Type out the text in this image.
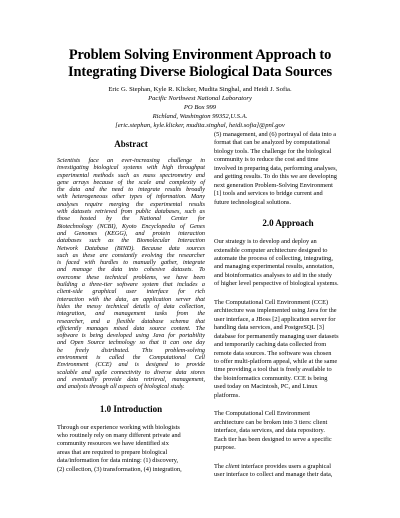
Problem Solving Environment Approach to
Integrating Diverse Biological Data Sources
Eric G. Stephan, Kyle R. Klicker, Mudita Singhal, and Heidi J. Sofia.
Pacific Northwest National Laboratory
PO Box 999
Richland, Washington 99352,U.S.A.
[eric.stephan, kyle.klicker, mudita.singhal, heidi.sofia]@pnl.gov
Abstract
Scientists face an ever-increasing challenge in
investigating biological systems with high throughput
experimental methods such as mass spectrometry and
gene arrays because of the scale and complexity of
the data and the need to integrate results broadly
with heterogeneous other types of information. Many
analyses require merging the experimental results
with datasets retrieved from public databases, such as
those hosted by the National Center for
Biotechnology (NCBI), Kyoto Encyclopedia of Genes
and Genomes (KEGG), and protein interaction
databases such as the Biomolecular Interaction
Network Database (BIND). Because data sources
such as these are constantly evolving the researcher
is faced with hurdles to manually gather, integrate
and manage the data into cohesive datasets. To
overcome these technical problems, we have been
building a three-tier software system that includes a
client-side graphical user interface for rich
interaction with the data, an application server that
hides the messy technical details of data collection,
integration, and management tasks from the
researcher, and a flexible database schema that
efficiently manages mixed data source content. The
software is being developed using Java for portability
and Open Source technology so that it can one day
be freely distributed. This problem-solving
environment is called the Computational Cell
Environment (CCE) and is designed to provide
scalable and agile connectivity to diverse data stores
and eventually provide data retrieval, management,
and analysis through all aspects of biological study.
1.0 Introduction
Through our experience working with biologists
who routinely rely on many different private and
community resources we have identified six
areas that are required to prepare biological
data/information for data mining: (1) discovery,
(2) collection, (3) transformation, (4) integration,
(5) management, and (6) portrayal of data into a
format that can be analyzed by computational
biology tools. The challenge for the biological
community is to reduce the cost and time
involved in preparing data, performing analyses,
and getting results. To do this we are developing
next generation Problem-Solving Environment
[1] tools and services to bridge current and
future technological solutions.
2.0 Approach
Our strategy is to develop and deploy an
extensible computer architecture designed to
automate the process of collecting, integrating,
and managing experimental results, annotation,
and bioinformatics analyses to aid in the study
of higher level perspective of biological systems.
The Computational Cell Environment (CCE)
architecture was implemented using Java for the
user interface, a JBoss [2] application server for
handling data services, and PostgreSQL [3]
database for permanently managing user datasets
and temporarily caching data collected from
remote data sources. The software was chosen
to offer multi-platform appeal, while at the same
time providing a tool that is freely available to
the bioinformatics community. CCE is being
used today on Macintosh, PC, and Linux
platforms.
The Computational Cell Environment
architecture can be broken into 3 tiers: client
interface, data services, and data repository.
Each tier has been designed to serve a specific
purpose.
The client interface provides users a graphical
user interface to collect and manage their data,
